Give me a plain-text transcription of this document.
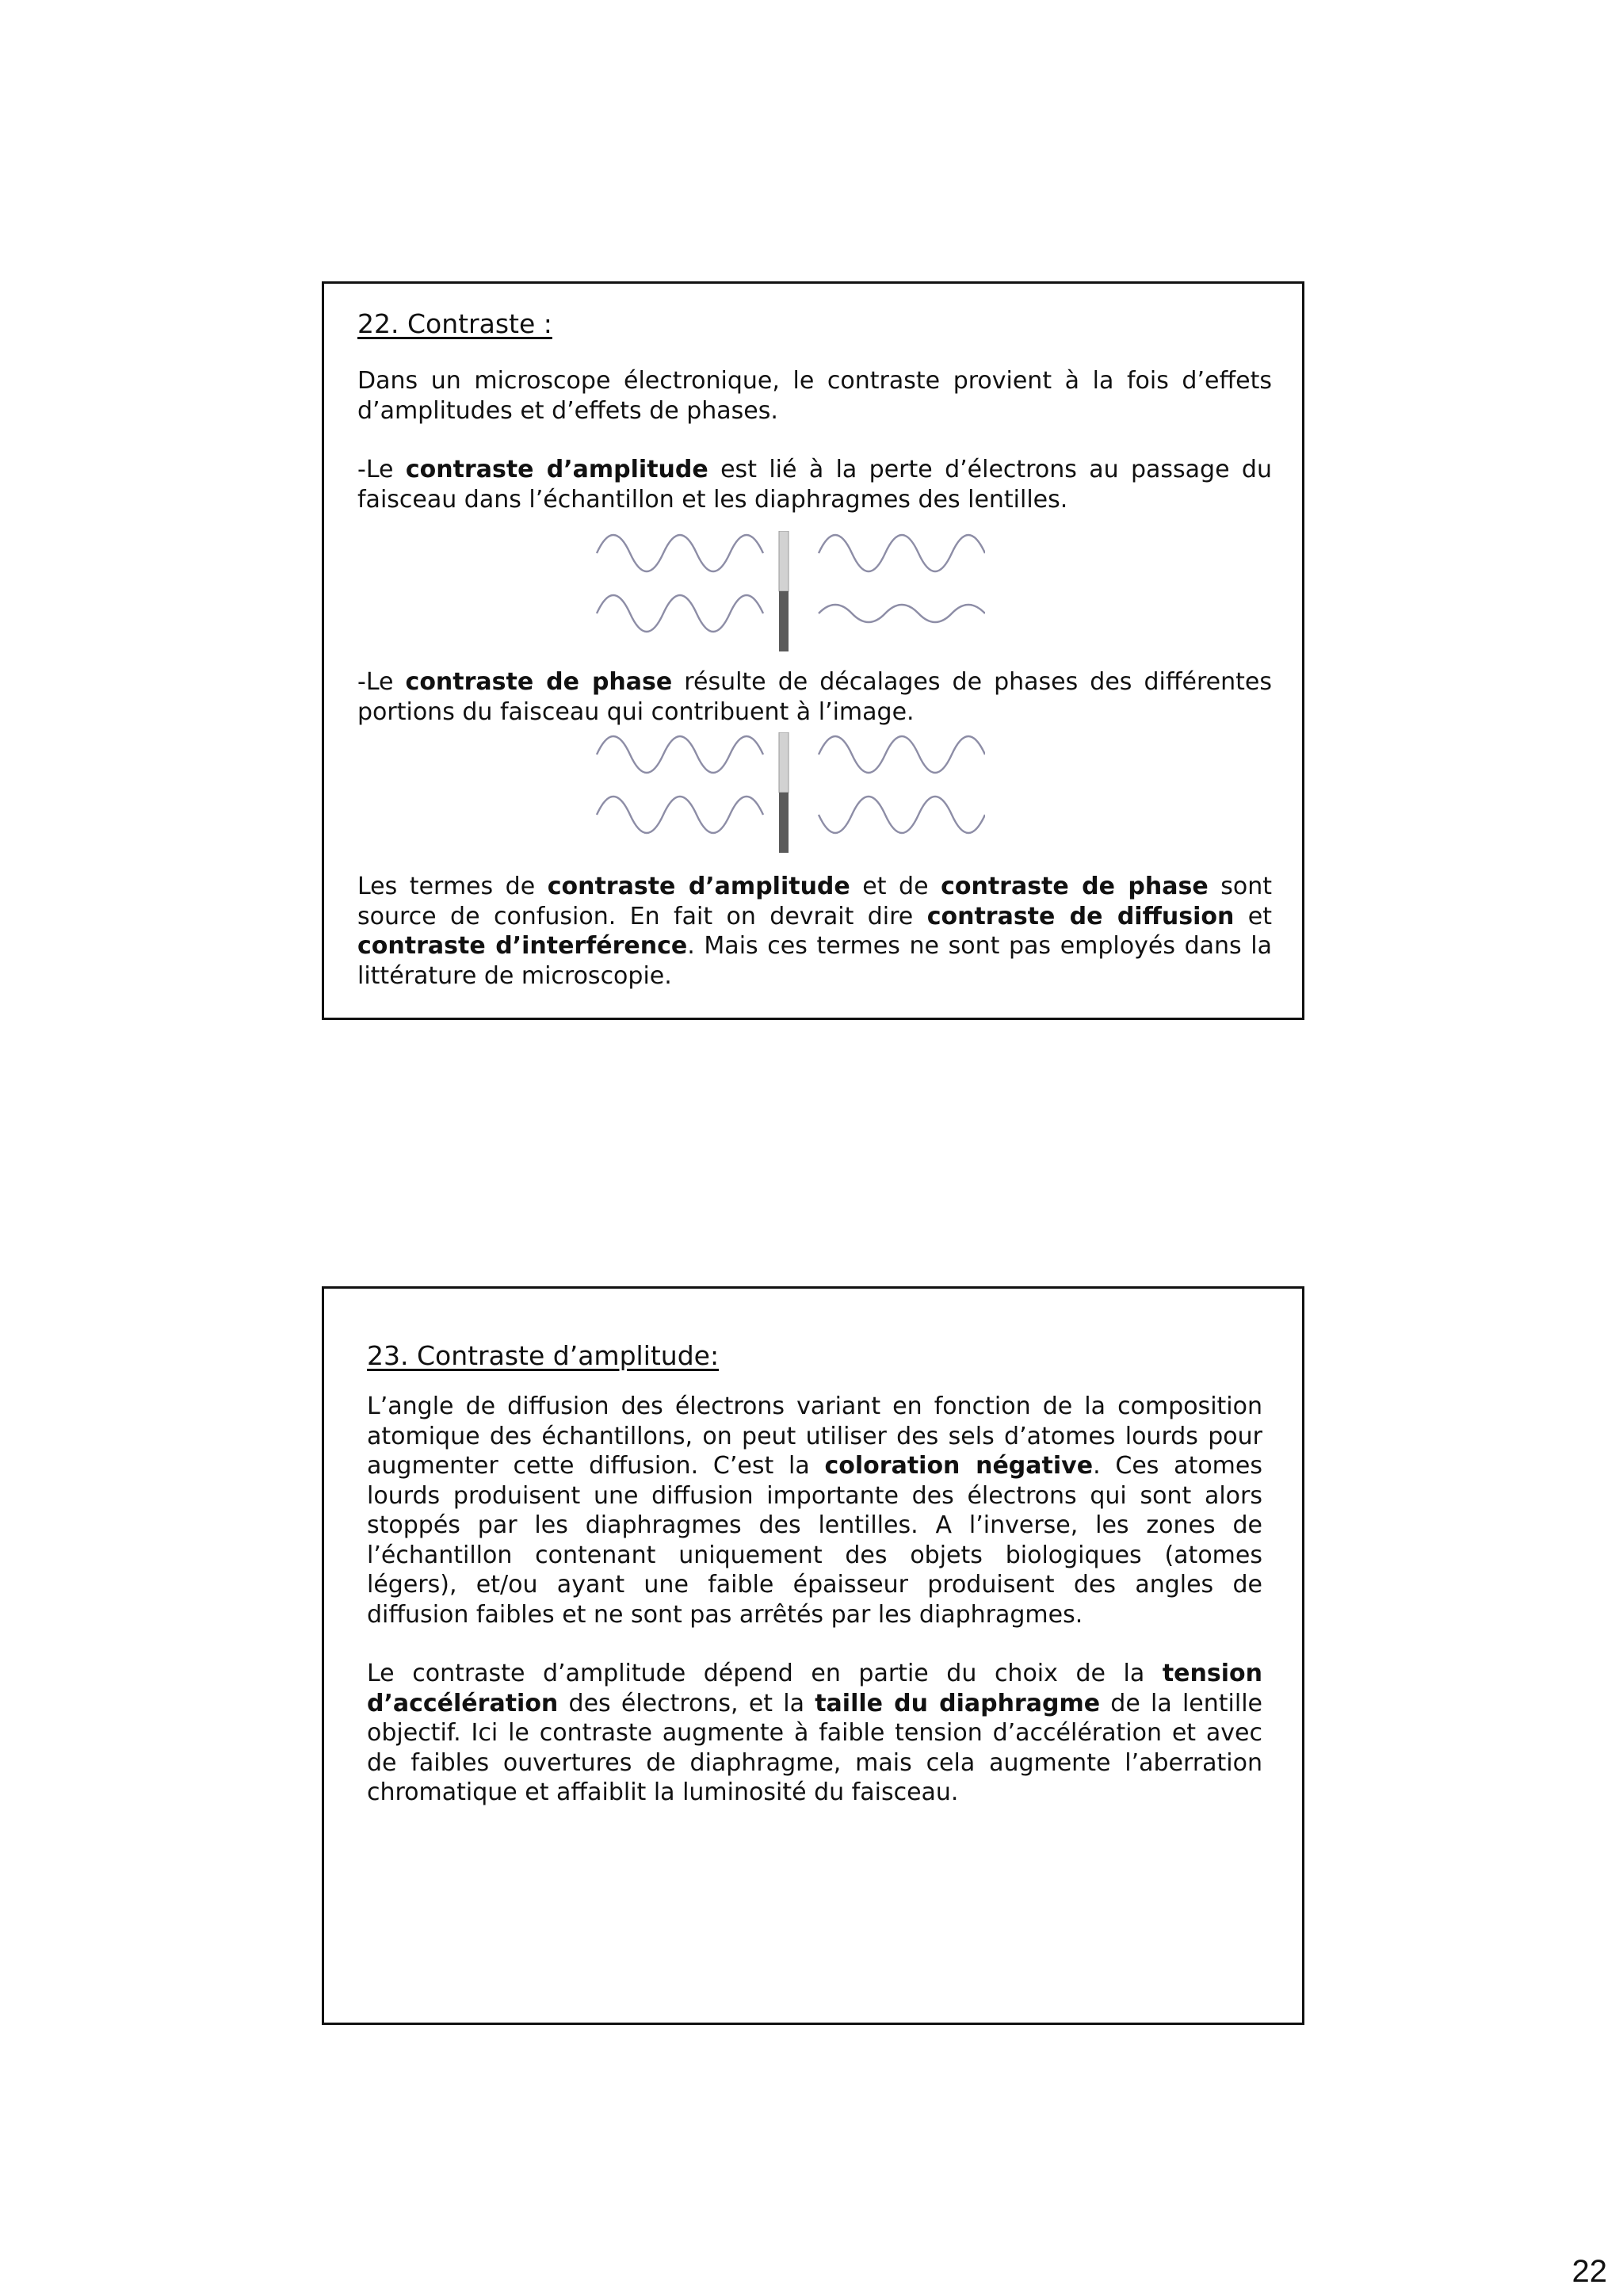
22. Contraste :

Dans un microscope électronique, le contraste provient à la fois d’effets d’amplitudes et d’effets de phases.

-Le contraste d’amplitude est lié à la perte d’électrons au passage du faisceau dans l’échantillon et les diaphragmes des lentilles.

-Le contraste de phase résulte de décalages de phases des différentes portions du faisceau qui contribuent à l’image.

Les termes de contraste d’amplitude et de contraste de phase sont source de confusion. En fait on devrait dire contraste de diffusion et contraste d’interférence. Mais ces termes ne sont pas employés dans la littérature de microscopie.

23. Contraste d’amplitude:

L’angle de diffusion des électrons variant en fonction de la composition atomique des échantillons, on peut utiliser des sels d’atomes lourds pour augmenter cette diffusion. C’est la coloration négative. Ces atomes lourds produisent une diffusion importante des électrons qui sont alors stoppés par les diaphragmes des lentilles. A l’inverse, les zones de l’échantillon contenant uniquement des objets biologiques (atomes légers), et/ou ayant une faible épaisseur produisent des angles de diffusion faibles et ne sont pas arrêtés par les diaphragmes.

Le contraste d’amplitude dépend en partie du choix de la tension d’accélération des électrons, et la taille du diaphragme de la lentille objectif. Ici le contraste augmente à faible tension d’accélération et avec de faibles ouvertures de diaphragme, mais cela augmente l’aberration chromatique et affaiblit la luminosité du faisceau.

22
